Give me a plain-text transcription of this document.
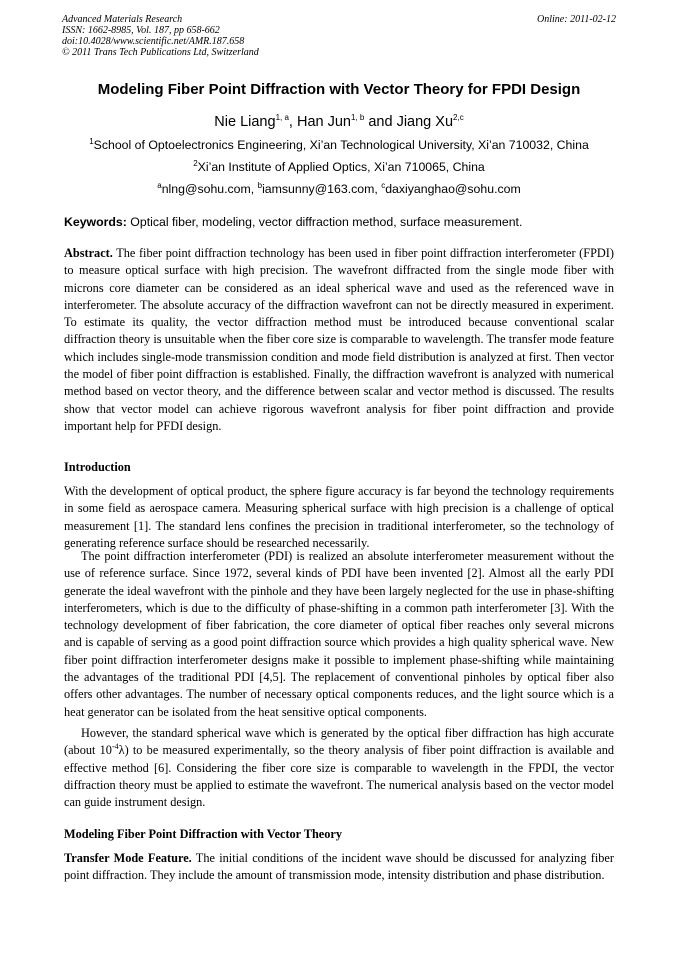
Advanced Materials Research
ISSN: 1662-8985, Vol. 187, pp 658-662
doi:10.4028/www.scientific.net/AMR.187.658
© 2011 Trans Tech Publications Ltd, Switzerland
Online: 2011-02-12
Modeling Fiber Point Diffraction with Vector Theory for FPDI Design
Nie Liang$^{1, a}$, Han Jun$^{1, b}$ and Jiang Xu$^{2,c}$
$^1$School of Optoelectronics Engineering, Xi’an Technological University, Xi’an 710032, China
$^2$Xi’an Institute of Applied Optics, Xi’an 710065, China
$^a$nlng@sohu.com, $^b$iamsunny@163.com, $^c$daxiyanghao@sohu.com
Keywords: Optical fiber, modeling, vector diffraction method, surface measurement.
Abstract. The fiber point diffraction technology has been used in fiber point diffraction interferometer (FPDI) to measure optical surface with high precision. The wavefront diffracted from the single mode fiber with microns core diameter can be considered as an ideal spherical wave and used as the referenced wave in interferometer. The absolute accuracy of the diffraction wavefront can not be directly measured in experiment. To estimate its quality, the vector diffraction method must be introduced because conventional scalar diffraction theory is unsuitable when the fiber core size is comparable to wavelength. The transfer mode feature which includes single-mode transmission condition and mode field distribution is analyzed at first. Then vector the model of fiber point diffraction is established. Finally, the diffraction wavefront is analyzed with numerical method based on vector theory, and the difference between scalar and vector method is discussed. The results show that vector model can achieve rigorous wavefront analysis for fiber point diffraction and provide important help for PFDI design.
Introduction
With the development of optical product, the sphere figure accuracy is far beyond the technology requirements in some field as aerospace camera. Measuring spherical surface with high precision is a challenge of optical measurement [1]. The standard lens confines the precision in traditional interferometer, so the technology of generating reference surface should be researched necessarily.
The point diffraction interferometer (PDI) is realized an absolute interferometer measurement without the use of reference surface. Since 1972, several kinds of PDI have been invented [2]. Almost all the early PDI generate the ideal wavefront with the pinhole and they have been largely neglected for the use in phase-shifting interferometers, which is due to the difficulty of phase-shifting in a common path interferometer [3]. With the technology development of fiber fabrication, the core diameter of optical fiber reaches only several microns and is capable of serving as a good point diffraction source which provides a high quality spherical wave. New fiber point diffraction interferometer designs make it possible to implement phase-shifting while maintaining the advantages of the traditional PDI [4,5]. The replacement of conventional pinholes by optical fiber also offers other advantages. The number of necessary optical components reduces, and the light source which is a heat generator can be isolated from the heat sensitive optical components.
However, the standard spherical wave which is generated by the optical fiber diffraction has high accurate (about $10^{-4}\lambda$) to be measured experimentally, so the theory analysis of fiber point diffraction is available and effective method [6]. Considering the fiber core size is comparable to wavelength in the FPDI, the vector diffraction theory must be applied to estimate the wavefront. The numerical analysis based on the vector model can guide instrument design.
Modeling Fiber Point Diffraction with Vector Theory
Transfer Mode Feature. The initial conditions of the incident wave should be discussed for analyzing fiber point diffraction. They include the amount of transmission mode, intensity distribution and phase distribution.
